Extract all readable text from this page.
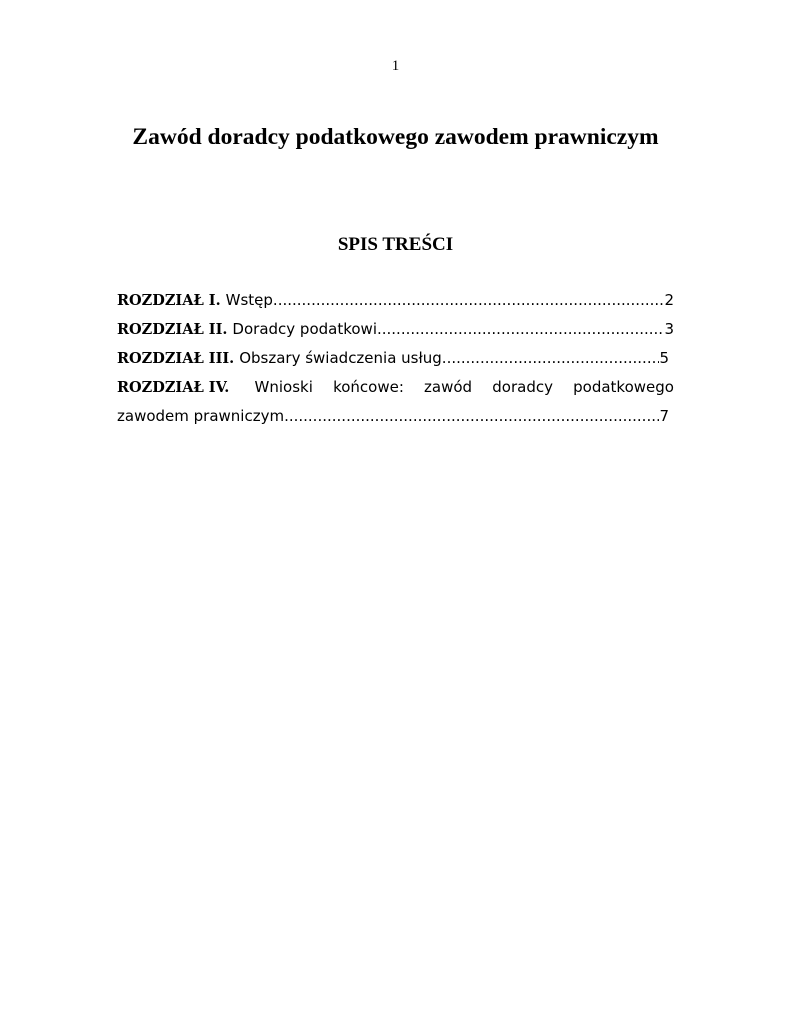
1
Zawód doradcy podatkowego zawodem prawniczym
SPIS TREŚCI
ROZDZIAŁ I. Wstęp .....	2
ROZDZIAŁ II. Doradcy podatkowi .....	3
ROZDZIAŁ III. Obszary świadczenia usług .....	5
ROZDZIAŁ IV. Wnioski końcowe: zawód doradcy podatkowego
zawodem prawniczym .....	7
